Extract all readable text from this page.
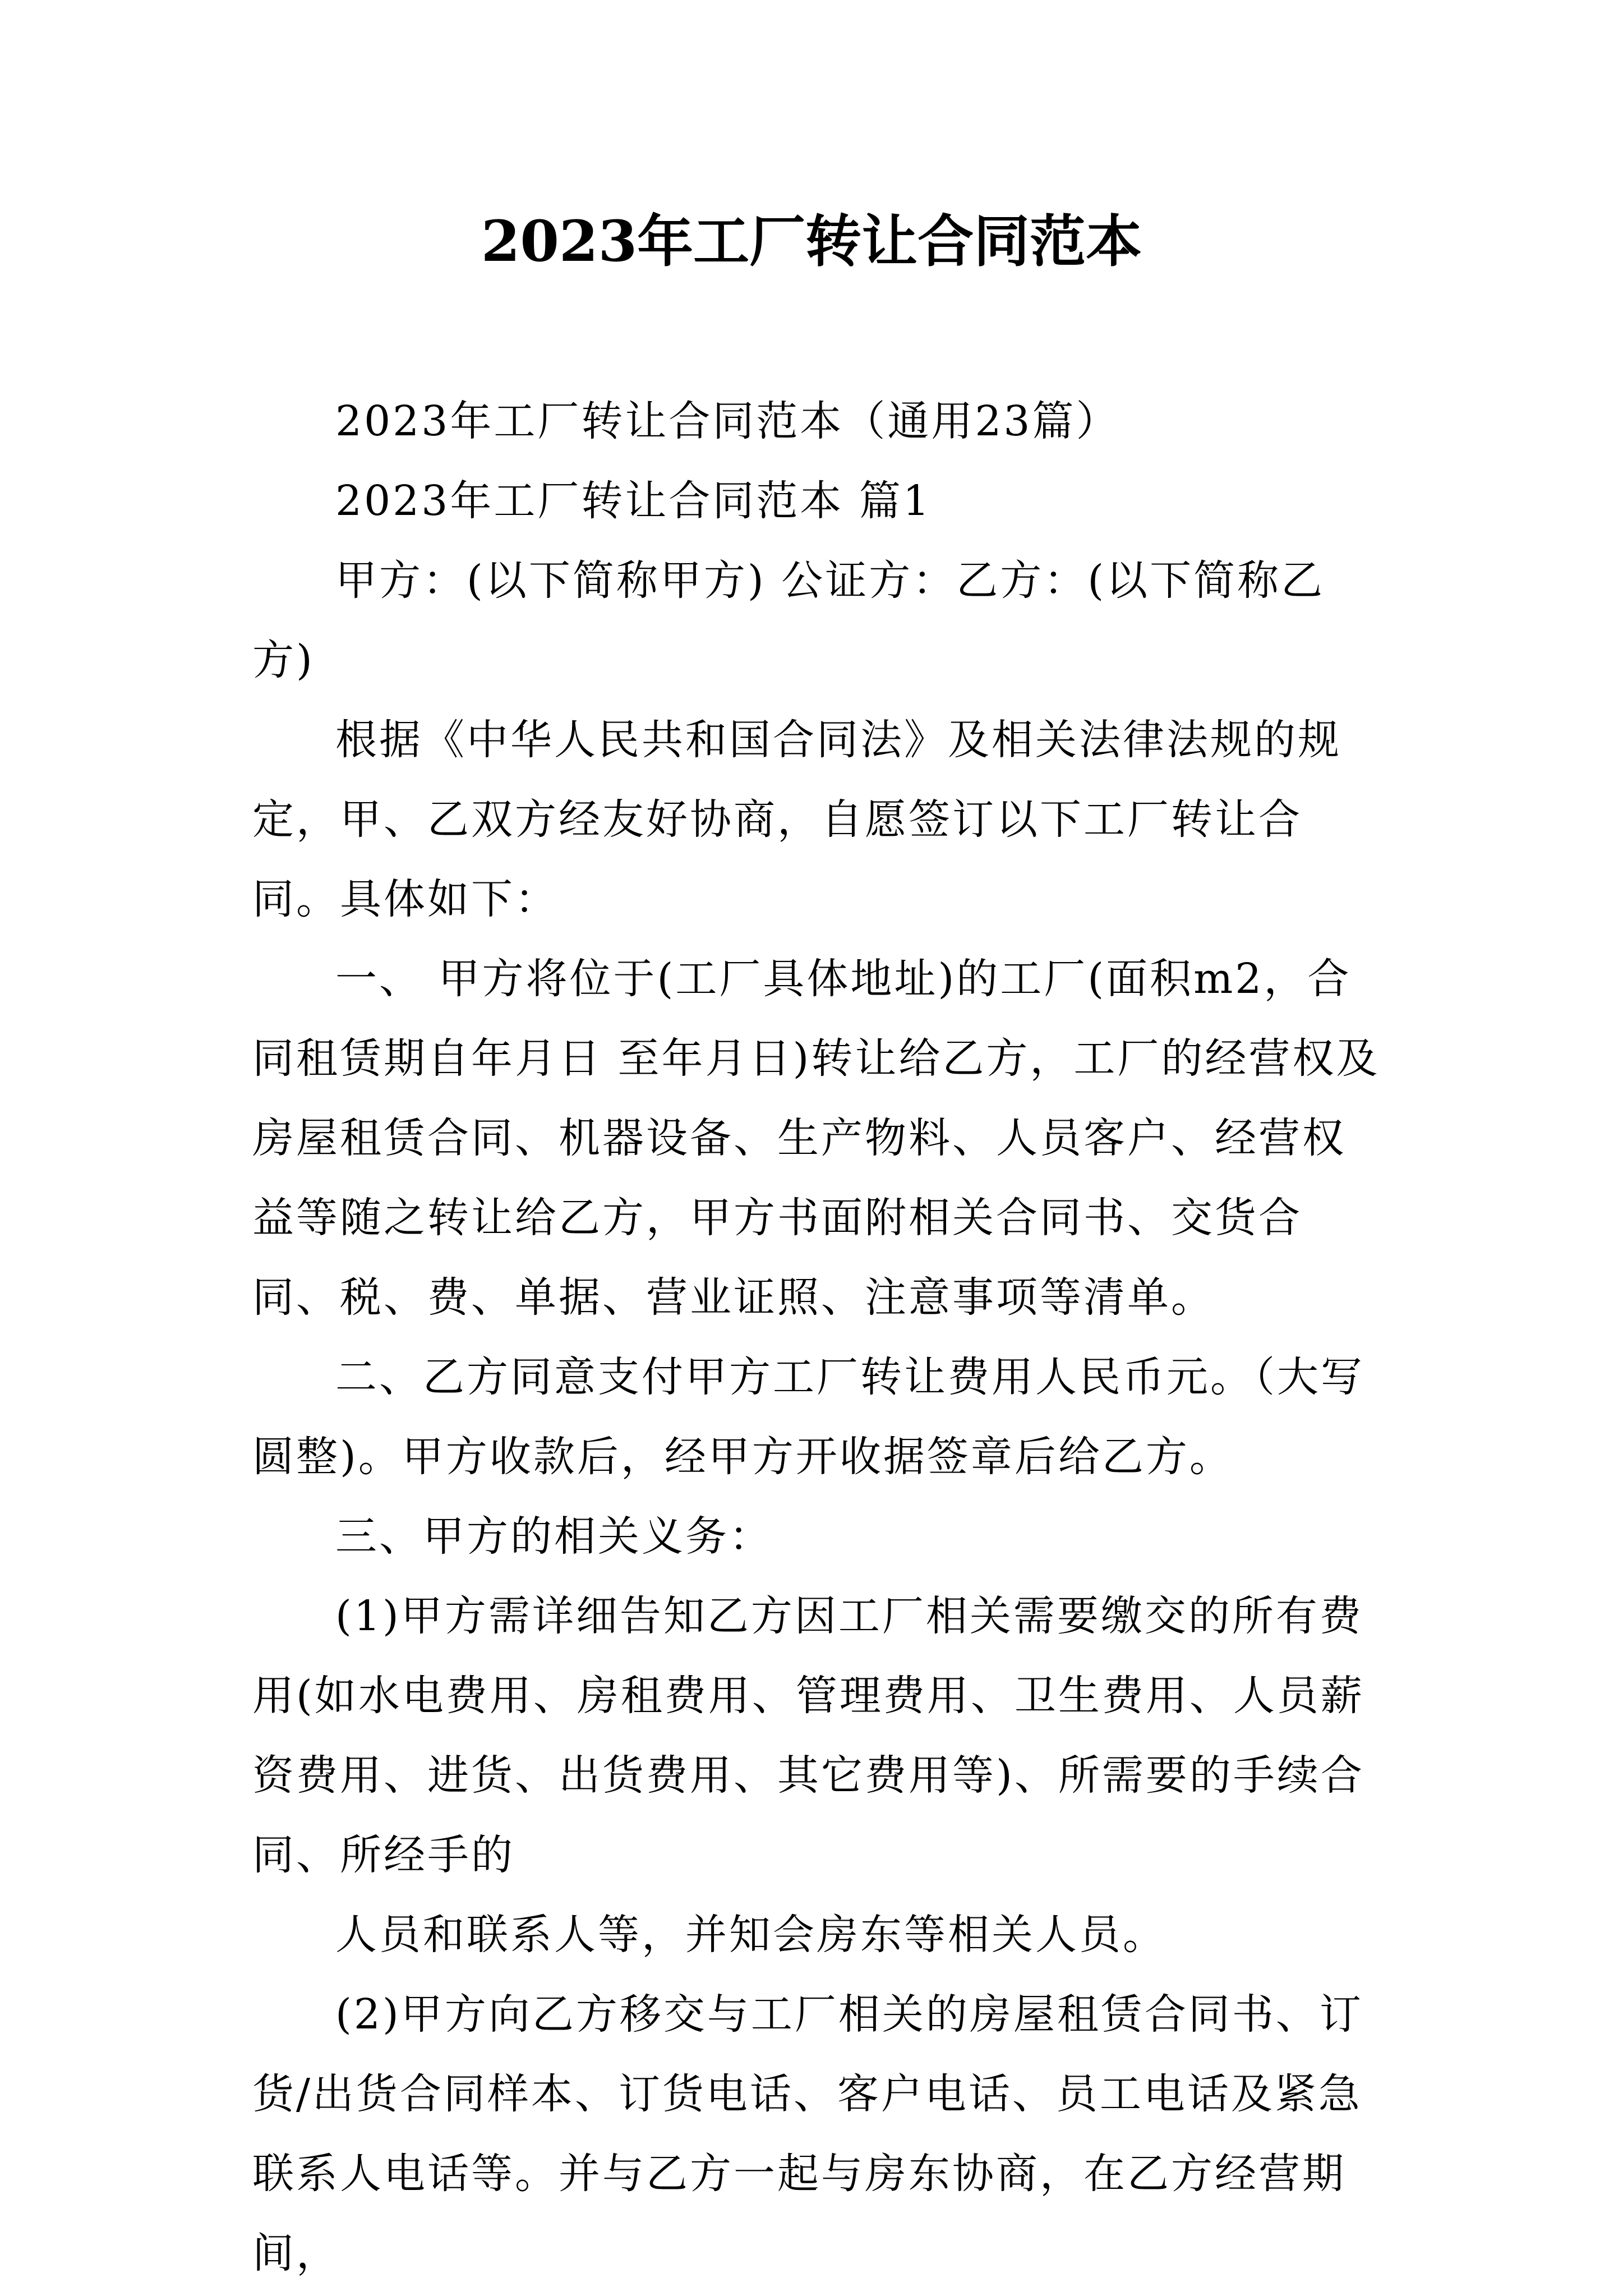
2023年工厂转让合同范本

2023年工厂转让合同范本（通用23篇）

2023年工厂转让合同范本 篇1

甲方：(以下简称甲方) 公证方：乙方：(以下简称乙方)

根据《中华人民共和国合同法》及相关法律法规的规定，甲、乙双方经友好协商，自愿签订以下工厂转让合同。具体如下：

一、 甲方将位于(工厂具体地址)的工厂(面积m2，合同租赁期自年月日 至年月日)转让给乙方，工厂的经营权及房屋租赁合同、机器设备、生产物料、人员客户、经营权益等随之转让给乙方，甲方书面附相关合同书、交货合同、税、费、单据、营业证照、注意事项等清单。

二、乙方同意支付甲方工厂转让费用人民币元。（大写圆整)。甲方收款后，经甲方开收据签章后给乙方。

三、甲方的相关义务：

(1)甲方需详细告知乙方因工厂相关需要缴交的所有费用(如水电费用、房租费用、管理费用、卫生费用、人员薪资费用、进货、出货费用、其它费用等)、所需要的手续合同、所经手的

人员和联系人等，并知会房东等相关人员。

(2)甲方向乙方移交与工厂相关的房屋租赁合同书、订货/出货合同样本、订货电话、客户电话、员工电话及紧急联系人电话等。并与乙方一起与房东协商，在乙方经营期间，
